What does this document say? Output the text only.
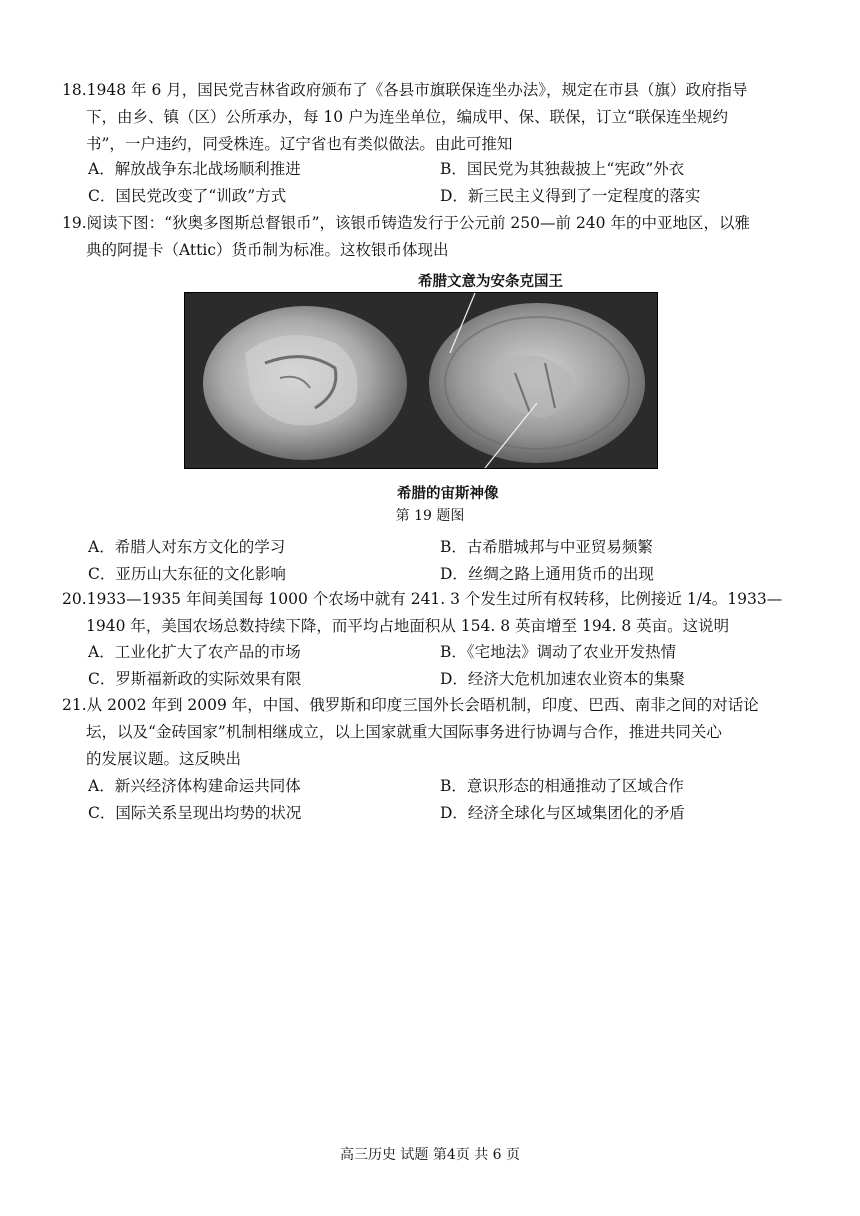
18.1948 年 6 月，国民党吉林省政府颁布了《各县市旗联保连坐办法》，规定在市县（旗）政府指导

下，由乡、镇（区）公所承办，每 10 户为连坐单位，编成甲、保、联保，订立“联保连坐规约

书”，一户违约，同受株连。辽宁省也有类似做法。由此可推知

A．解放战争东北战场顺利推进	B．国民党为其独裁披上“宪政”外衣
C．国民党改变了“训政”方式	D．新三民主义得到了一定程度的落实

19.阅读下图：“狄奥多图斯总督银币”，该银币铸造发行于公元前 250—前 240 年的中亚地区，以雅

典的阿提卡（Attic）货币制为标准。这枚银币体现出

希腊文意为安条克国王
希腊的宙斯神像
第 19 题图
A．希腊人对东方文化的学习	B．古希腊城邦与中亚贸易频繁
C．亚历山大东征的文化影响	D．丝绸之路上通用货币的出现

20.1933—1935 年间美国每 1000 个农场中就有 241. 3 个发生过所有权转移，比例接近 1/4。1933—

1940 年，美国农场总数持续下降，而平均占地面积从 154. 8 英亩增至 194. 8 英亩。这说明

A．工业化扩大了农产品的市场	B．《宅地法》调动了农业开发热情
C．罗斯福新政的实际效果有限	D．经济大危机加速农业资本的集聚

21.从 2002 年到 2009 年，中国、俄罗斯和印度三国外长会晤机制，印度、巴西、南非之间的对话论

坛，以及“金砖国家”机制相继成立，以上国家就重大国际事务进行协调与合作，推进共同关心

的发展议题。这反映出

A．新兴经济体构建命运共同体	B．意识形态的相通推动了区域合作
C．国际关系呈现出均势的状况	D．经济全球化与区域集团化的矛盾
高三历史 试题 第4页 共 6 页
